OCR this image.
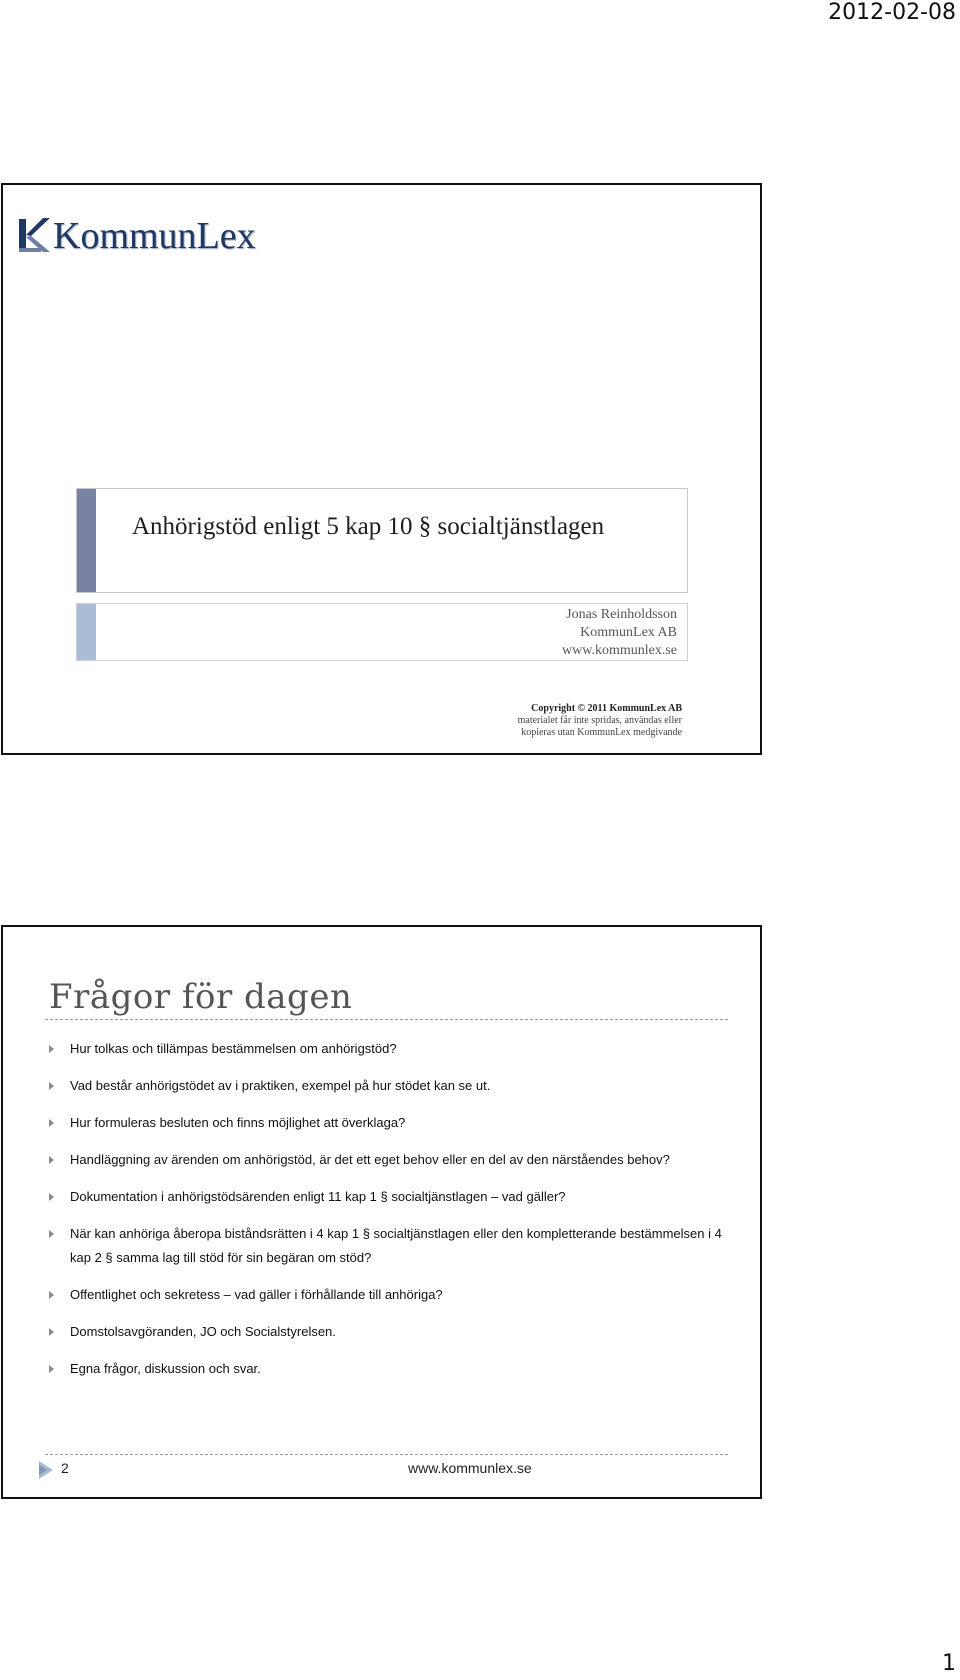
2012-02-08
KommunLex
Anhörigstöd enligt 5 kap 10 § socialtjänstlagen
Jonas Reinholdsson
KommunLex AB
www.kommunlex.se
Copyright © 2011 KommunLex AB
materialet får inte spridas, användas eller
kopieras utan KommunLex medgivande
Frågor för dagen
Hur tolkas och tillämpas bestämmelsen om anhörigstöd?
Vad består anhörigstödet av i praktiken, exempel på hur stödet kan se ut.
Hur formuleras besluten och finns möjlighet att överklaga?
Handläggning av ärenden om anhörigstöd, är det ett eget behov eller en del av den närståendes behov?
Dokumentation i anhörigstödsärenden enligt 11 kap 1 § socialtjänstlagen – vad gäller?
När kan anhöriga åberopa biståndsrätten i 4 kap 1 § socialtjänstlagen eller den kompletterande bestämmelsen i 4 kap 2 § samma lag till stöd för sin begäran om stöd?
Offentlighet och sekretess – vad gäller i förhållande till anhöriga?
Domstolsavgöranden, JO och Socialstyrelsen.
Egna frågor, diskussion och svar.
2	www.kommunlex.se
1
